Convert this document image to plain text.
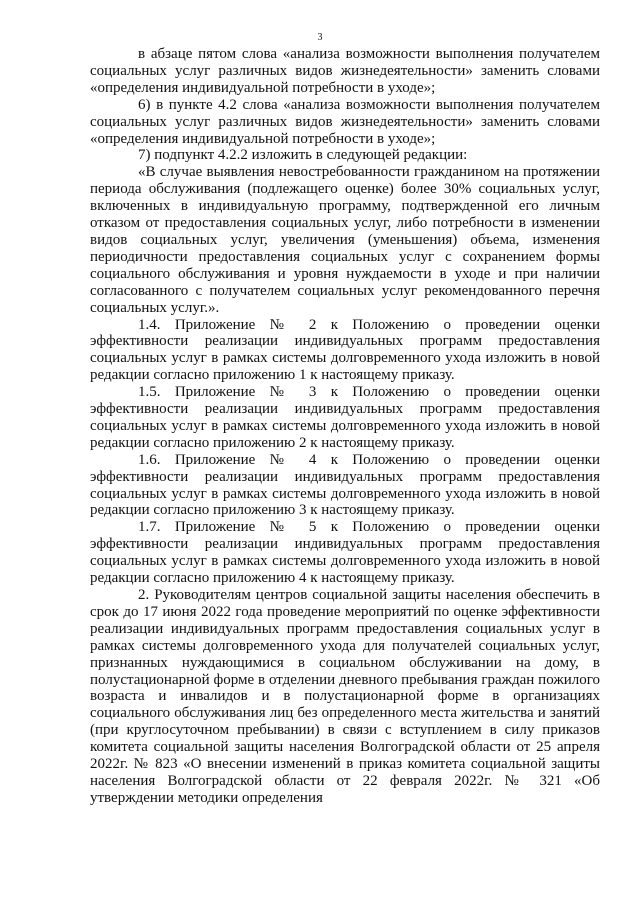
3

в абзаце пятом слова «анализа возможности выполнения получателем социальных услуг различных видов жизнедеятельности» заменить словами «определения индивидуальной потребности в уходе»;

6) в пункте 4.2 слова «анализа возможности выполнения получателем социальных услуг различных видов жизнедеятельности» заменить словами «определения индивидуальной потребности в уходе»;

7) подпункт 4.2.2 изложить в следующей редакции:

«В случае выявления невостребованности гражданином на протяжении периода обслуживания (подлежащего оценке) более 30% социальных услуг, включенных в индивидуальную программу, подтвержденной его личным отказом от предоставления социальных услуг, либо потребности в изменении видов социальных услуг, увеличения (уменьшения) объема, изменения периодичности предоставления социальных услуг с сохранением формы социального обслуживания и уровня нуждаемости в уходе и при наличии согласованного с получателем социальных услуг рекомендованного перечня социальных услуг.».

1.4. Приложение № 2 к Положению о проведении оценки эффективности реализации индивидуальных программ предоставления социальных услуг в рамках системы долговременного ухода изложить в новой редакции согласно приложению 1 к настоящему приказу.

1.5. Приложение № 3 к Положению о проведении оценки эффективности реализации индивидуальных программ предоставления социальных услуг в рамках системы долговременного ухода изложить в новой редакции согласно приложению 2 к настоящему приказу.

1.6. Приложение № 4 к Положению о проведении оценки эффективности реализации индивидуальных программ предоставления социальных услуг в рамках системы долговременного ухода изложить в новой редакции согласно приложению 3 к настоящему приказу.

1.7. Приложение № 5 к Положению о проведении оценки эффективности реализации индивидуальных программ предоставления социальных услуг в рамках системы долговременного ухода изложить в новой редакции согласно приложению 4 к настоящему приказу.

2. Руководителям центров социальной защиты населения обеспечить в срок до 17 июня 2022 года проведение мероприятий по оценке эффективности реализации индивидуальных программ предоставления социальных услуг в рамках системы долговременного ухода для получателей социальных услуг, признанных нуждающимися в социальном обслуживании на дому, в полустационарной форме в отделении дневного пребывания граждан пожилого возраста и инвалидов и в полустационарной форме в организациях социального обслуживания лиц без определенного места жительства и занятий (при круглосуточном пребывании) в связи с вступлением в силу приказов комитета социальной защиты населения Волгоградской области от 25 апреля 2022г. № 823 «О внесении изменений в приказ комитета социальной защиты населения Волгоградской области от 22 февраля 2022г. № 321 «Об утверждении методики определения
